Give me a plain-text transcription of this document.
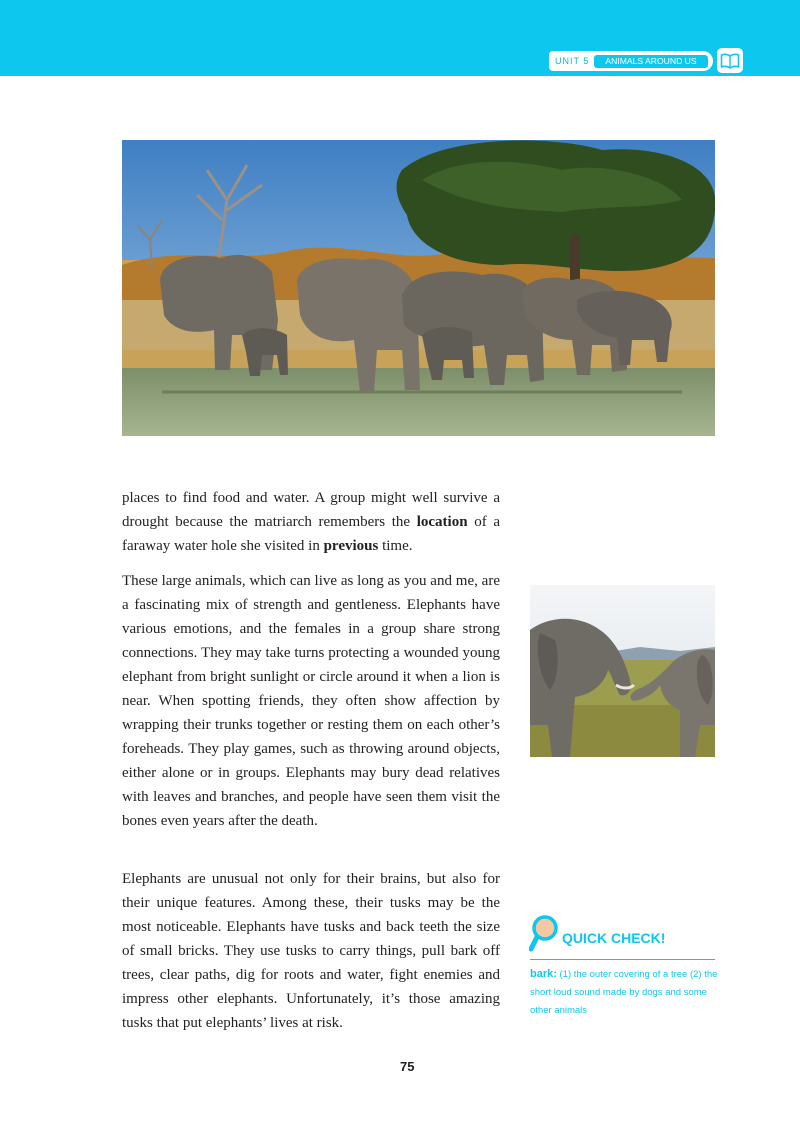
UNIT 5	ANIMALS AROUND US

places to find food and water. A group might well survive a drought because the matriarch remembers the location of a faraway water hole she visited in previous time.

These large animals, which can live as long as you and me, are a fascinating mix of strength and gentleness. Elephants have various emotions, and the females in a group share strong connections. They may take turns protecting a wounded young elephant from bright sunlight or circle around it when a lion is near. When spotting friends, they often show affection by wrapping their trunks together or resting them on each other’s foreheads. They play games, such as throwing around objects, either alone or in groups. Elephants may bury dead relatives with leaves and branches, and people have seen them visit the bones even years after the death.

Elephants are unusual not only for their brains, but also for their unique features. Among these, their tusks may be the most noticeable. Elephants have tusks and back teeth the size of small bricks. They use tusks to carry things, pull bark off trees, clear paths, dig for roots and water, fight enemies and impress other elephants. Unfortunately, it’s those amazing tusks that put elephants’ lives at risk.

QUICK CHECK!

bark: (1) the outer covering of a tree (2) the short loud sound made by dogs and some other animals

75
